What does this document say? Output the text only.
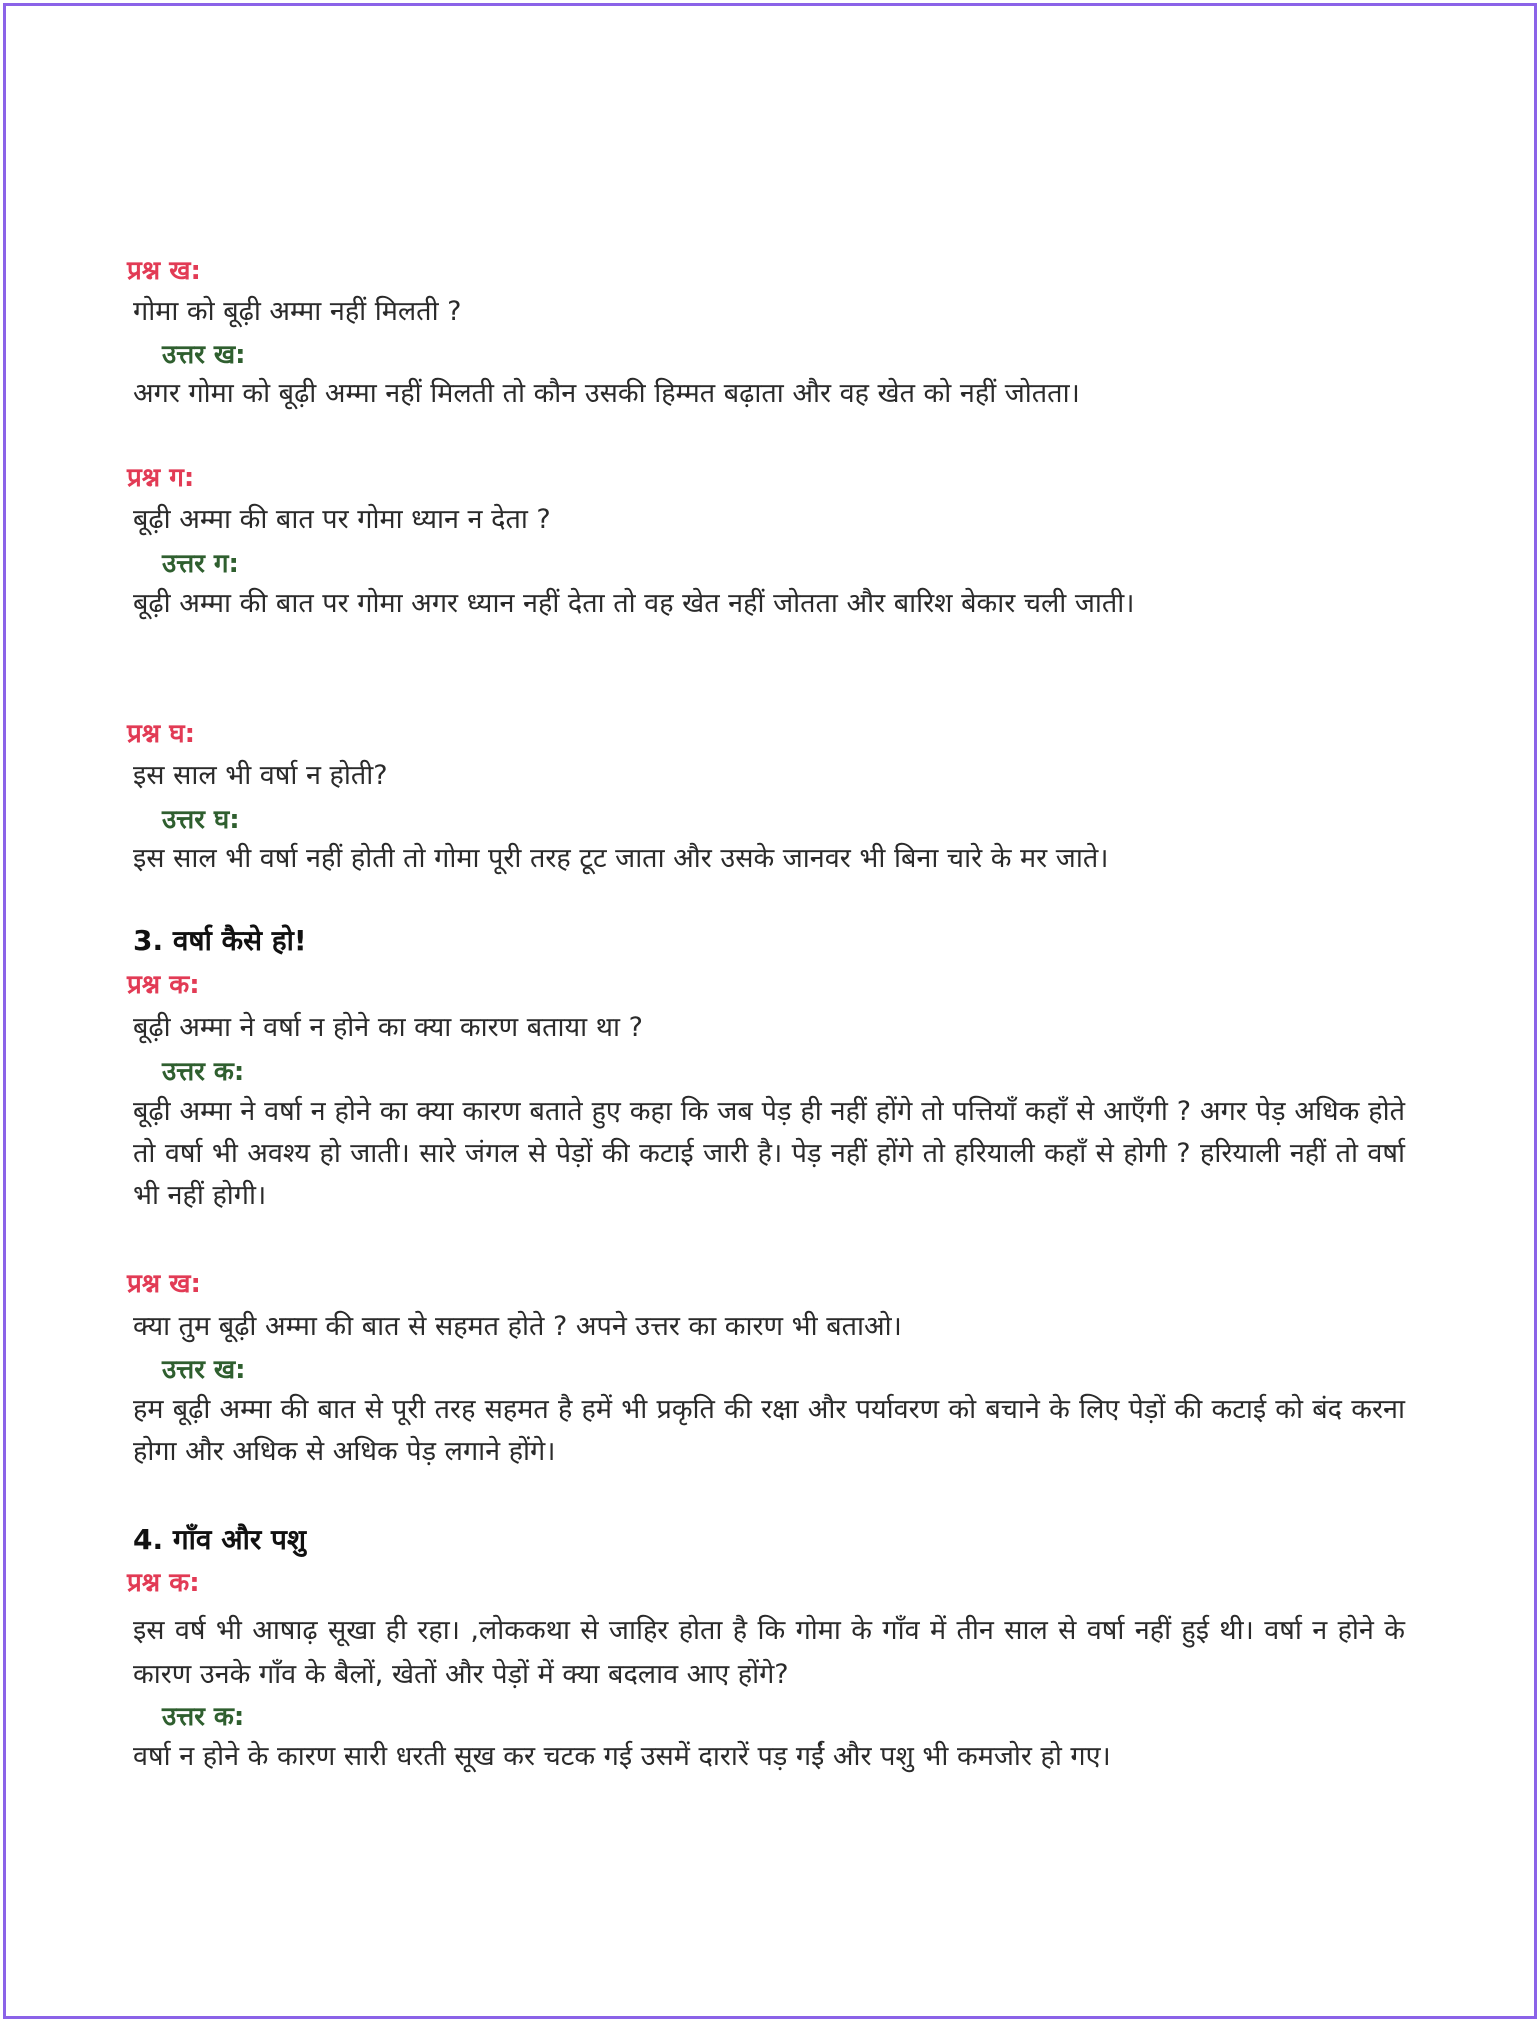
प्रश्न ख:
गोमा को बूढ़ी अम्मा नहीं मिलती ?
उत्तर ख:
अगर गोमा को बूढ़ी अम्मा नहीं मिलती तो कौन उसकी हिम्मत बढ़ाता और वह खेत को नहीं जोतता।
प्रश्न ग:
बूढ़ी अम्मा की बात पर गोमा ध्यान न देता ?
उत्तर ग:
बूढ़ी अम्मा की बात पर गोमा अगर ध्यान नहीं देता तो वह खेत नहीं जोतता और बारिश बेकार चली जाती।
प्रश्न घ:
इस साल भी वर्षा न होती?
उत्तर घ:
इस साल भी वर्षा नहीं होती तो गोमा पूरी तरह टूट जाता और उसके जानवर भी बिना चारे के मर जाते।
3. वर्षा कैसे हो!
प्रश्न क:
बूढ़ी अम्मा ने वर्षा न होने का क्या कारण बताया था ?
उत्तर क:
बूढ़ी अम्मा ने वर्षा न होने का क्या कारण बताते हुए कहा कि जब पेड़ ही नहीं होंगे तो पत्तियाँ कहाँ से आएँगी ? अगर पेड़ अधिक होते तो वर्षा भी अवश्य हो जाती। सारे जंगल से पेड़ों की कटाई जारी है। पेड़ नहीं होंगे तो हरियाली कहाँ से होगी ? हरियाली नहीं तो वर्षा भी नहीं होगी।
प्रश्न ख:
क्या तुम बूढ़ी अम्मा की बात से सहमत होते ? अपने उत्तर का कारण भी बताओ।
उत्तर ख:
हम बूढ़ी अम्मा की बात से पूरी तरह सहमत है हमें भी प्रकृति की रक्षा और पर्यावरण को बचाने के लिए पेड़ों की कटाई को बंद करना होगा और अधिक से अधिक पेड़ लगाने होंगे।
4. गाँव और पशु
प्रश्न क:
इस वर्ष भी आषाढ़ सूखा ही रहा। ,लोककथा से जाहिर होता है कि गोमा के गाँव में तीन साल से वर्षा नहीं हुई थी। वर्षा न होने के कारण उनके गाँव के बैलों, खेतों और पेड़ों में क्या बदलाव आए होंगे?
उत्तर क:
वर्षा न होने के कारण सारी धरती सूख कर चटक गई उसमें दारारें पड़ गईं और पशु भी कमजोर हो गए।
